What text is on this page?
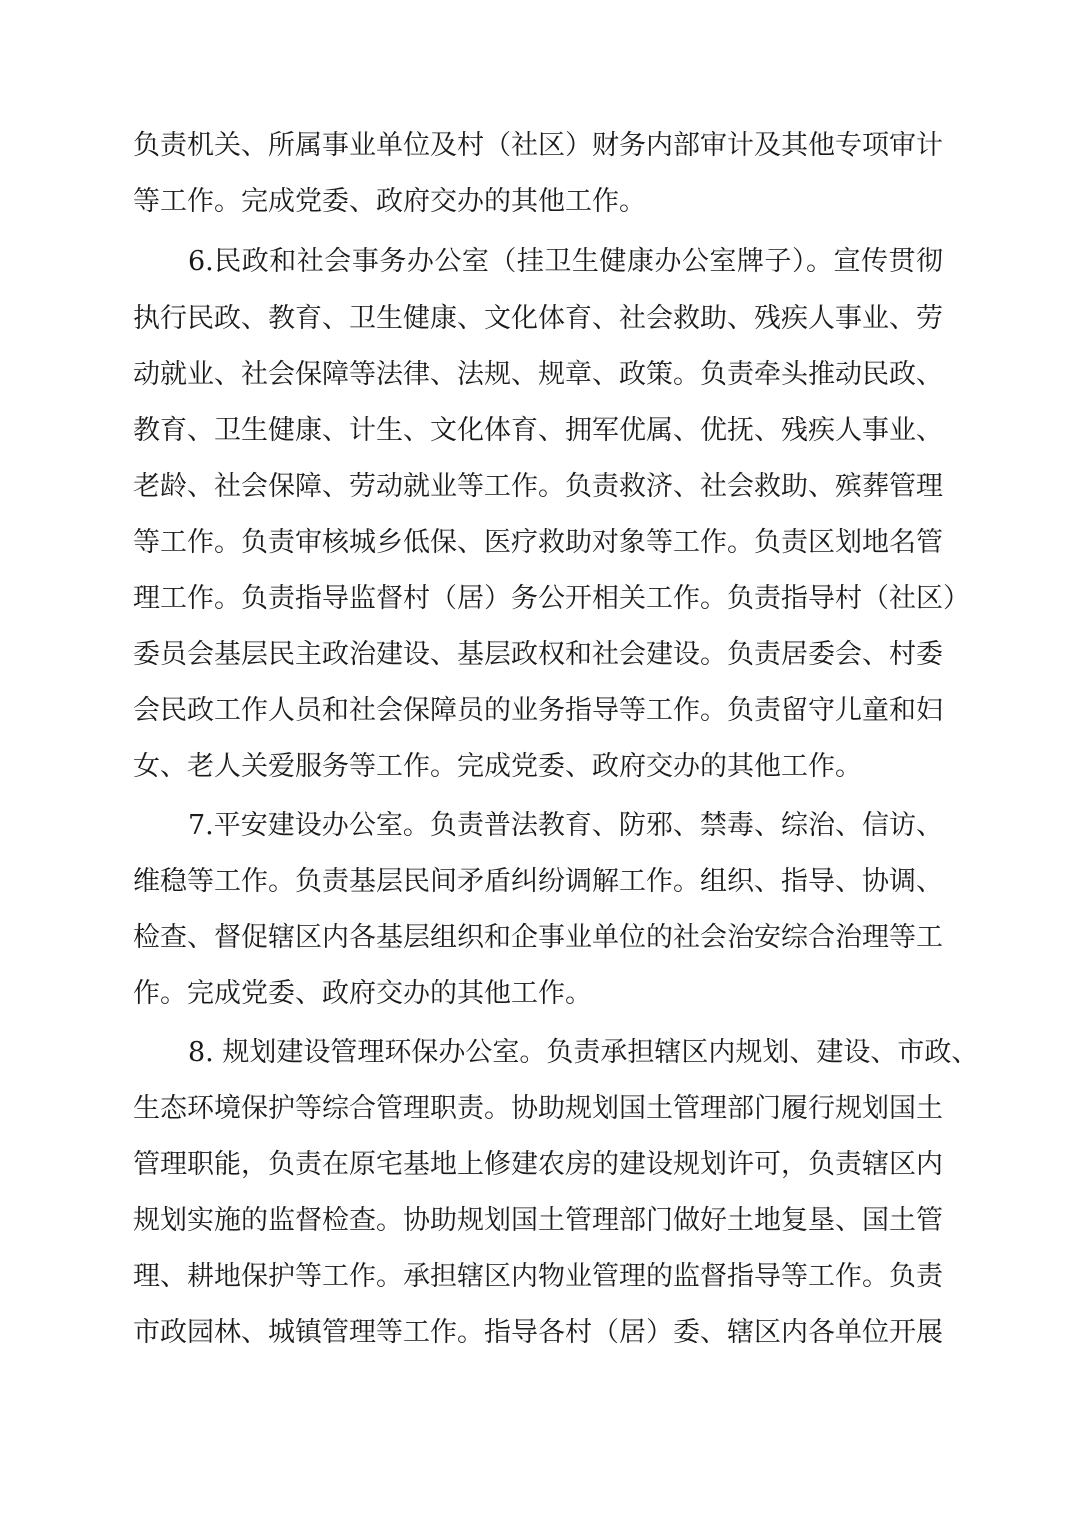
负责机关、所属事业单位及村（社区）财务内部审计及其他专项审计
等工作。完成党委、政府交办的其他工作。
6.民政和社会事务办公室（挂卫生健康办公室牌子）。宣传贯彻
执行民政、教育、卫生健康、文化体育、社会救助、残疾人事业、劳
动就业、社会保障等法律、法规、规章、政策。负责牵头推动民政、
教育、卫生健康、计生、文化体育、拥军优属、优抚、残疾人事业、
老龄、社会保障、劳动就业等工作。负责救济、社会救助、殡葬管理
等工作。负责审核城乡低保、医疗救助对象等工作。负责区划地名管
理工作。负责指导监督村（居）务公开相关工作。负责指导村（社区）
委员会基层民主政治建设、基层政权和社会建设。负责居委会、村委
会民政工作人员和社会保障员的业务指导等工作。负责留守儿童和妇
女、老人关爱服务等工作。完成党委、政府交办的其他工作。
7.平安建设办公室。负责普法教育、防邪、禁毒、综治、信访、
维稳等工作。负责基层民间矛盾纠纷调解工作。组织、指导、协调、
检查、督促辖区内各基层组织和企事业单位的社会治安综合治理等工
作。完成党委、政府交办的其他工作。
8. 规划建设管理环保办公室。负责承担辖区内规划、建设、市政、
生态环境保护等综合管理职责。协助规划国土管理部门履行规划国土
管理职能，负责在原宅基地上修建农房的建设规划许可，负责辖区内
规划实施的监督检查。协助规划国土管理部门做好土地复垦、国土管
理、耕地保护等工作。承担辖区内物业管理的监督指导等工作。负责
市政园林、城镇管理等工作。指导各村（居）委、辖区内各单位开展
